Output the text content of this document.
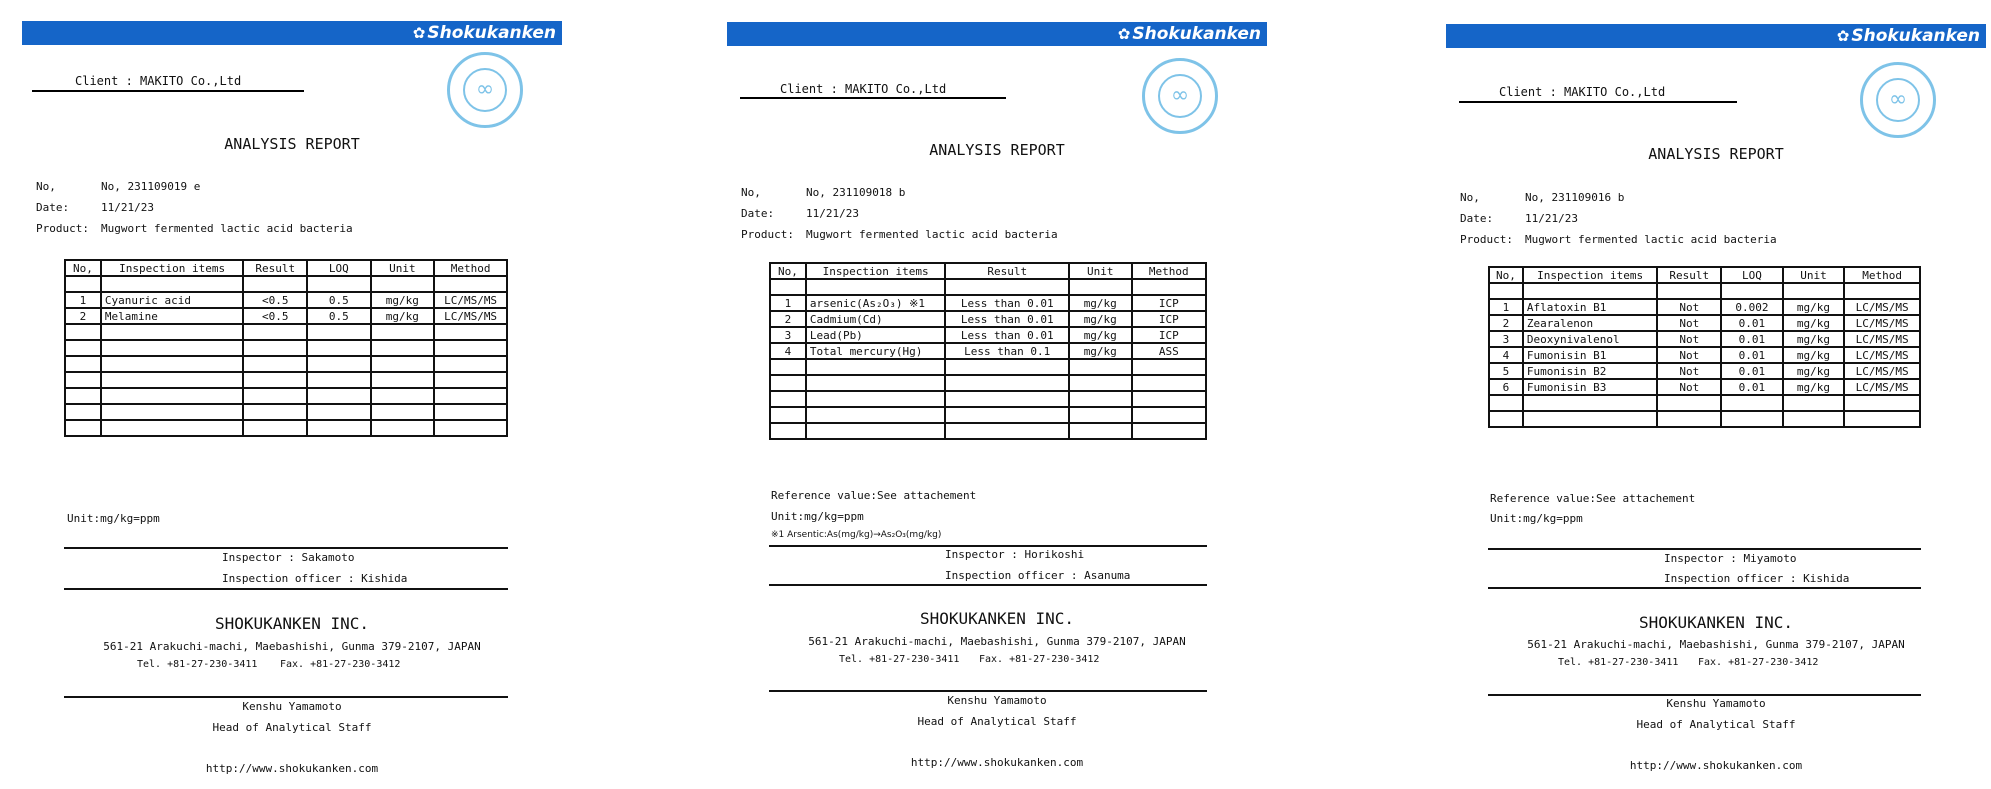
✿ Shokukanken
Client : MAKITO Co.,Ltd	∞
ANALYSIS REPORT
No,	No, 231109019 e
Date:	11/21/23
Product:	Mugwort fermented lactic acid bacteria
No,	Inspection items	Result	LOQ	Unit	Method

1	Cyanuric acid	<0.5	0.5	mg/kg	LC/MS/MS
2	Melamine	<0.5	0.5	mg/kg	LC/MS/MS

Unit:mg/kg=ppm
Inspector : Sakamoto
Inspection officer : Kishida
SHOKUKANKEN INC.
561-21 Arakuchi-machi, Maebashishi, Gunma 379-2107, JAPAN
Tel. +81-27-230-3411 Fax. +81-27-230-3412
Kenshu Yamamoto
Head of Analytical Staff
http://www.shokukanken.com
✿ Shokukanken
Client : MAKITO Co.,Ltd	∞
ANALYSIS REPORT
No,	No, 231109018 b
Date:	11/21/23
Product:	Mugwort fermented lactic acid bacteria
No,	Inspection items	Result	Unit	Method

1	arsenic(As₂O₃) ※1	Less than 0.01	mg/kg	ICP
2	Cadmium(Cd)	Less than 0.01	mg/kg	ICP
3	Lead(Pb)	Less than 0.01	mg/kg	ICP
4	Total mercury(Hg)	Less than 0.1	mg/kg	ASS

Reference value:See attachement
Unit:mg/kg=ppm
※1 Arsentic:As(mg/kg)→As₂O₃(mg/kg)
Inspector : Horikoshi
Inspection officer : Asanuma
SHOKUKANKEN INC.
561-21 Arakuchi-machi, Maebashishi, Gunma 379-2107, JAPAN
Tel. +81-27-230-3411 Fax. +81-27-230-3412
Kenshu Yamamoto
Head of Analytical Staff
http://www.shokukanken.com
✿ Shokukanken
Client : MAKITO Co.,Ltd	∞
ANALYSIS REPORT
No,	No, 231109016 b
Date:	11/21/23
Product:	Mugwort fermented lactic acid bacteria
No,	Inspection items	Result	LOQ	Unit	Method

1	Aflatoxin B1	Not	0.002	mg/kg	LC/MS/MS
2	Zearalenon	Not	0.01	mg/kg	LC/MS/MS
3	Deoxynivalenol	Not	0.01	mg/kg	LC/MS/MS
4	Fumonisin B1	Not	0.01	mg/kg	LC/MS/MS
5	Fumonisin B2	Not	0.01	mg/kg	LC/MS/MS
6	Fumonisin B3	Not	0.01	mg/kg	LC/MS/MS

Reference value:See attachement
Unit:mg/kg=ppm
Inspector : Miyamoto
Inspection officer : Kishida
SHOKUKANKEN INC.
561-21 Arakuchi-machi, Maebashishi, Gunma 379-2107, JAPAN
Tel. +81-27-230-3411 Fax. +81-27-230-3412
Kenshu Yamamoto
Head of Analytical Staff
http://www.shokukanken.com
